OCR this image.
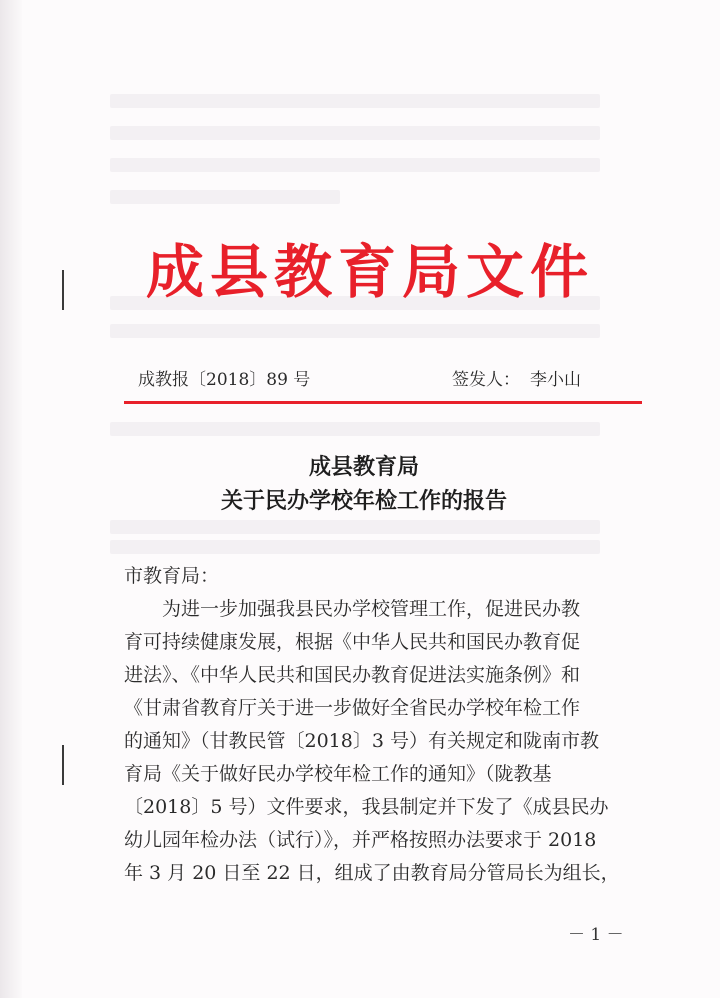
成县教育局文件
成教报〔2018〕89 号	签发人： 李小山
成县教育局
关于民办学校年检工作的报告
市教育局：
　　为进一步加强我县民办学校管理工作，促进民办教
育可持续健康发展，根据《中华人民共和国民办教育促
进法》、《中华人民共和国民办教育促进法实施条例》和
《甘肃省教育厅关于进一步做好全省民办学校年检工作
的通知》（甘教民管〔2018〕3 号）有关规定和陇南市教
育局《关于做好民办学校年检工作的通知》（陇教基
〔2018〕5 号）文件要求，我县制定并下发了《成县民办
幼儿园年检办法（试行）》，并严格按照办法要求于 2018
年 3 月 20 日至 22 日，组成了由教育局分管局长为组长，
－ 1 －
